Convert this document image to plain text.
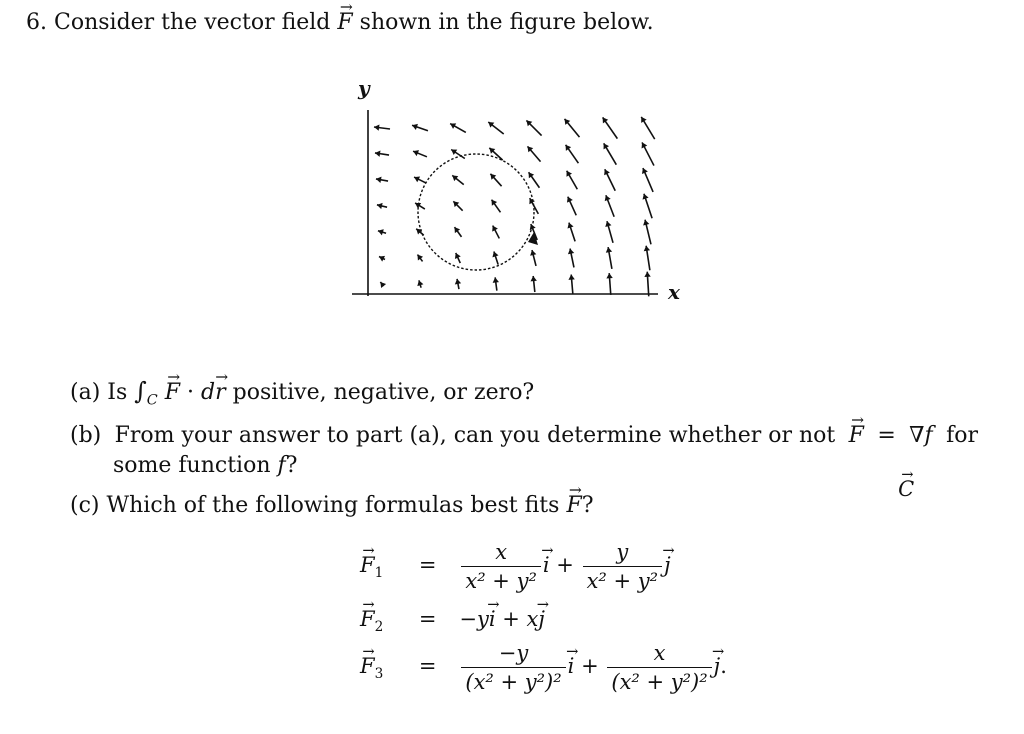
6. Consider the vector field → F shown in the figure below.

y
x
→ C
(a) Is $\int_C \to F \cdot d\to r$ positive, negative, or zero?
(b) From your answer to part (a), can you determine whether or not
→ F = ∇f for
some function f?
(c) Which of the following formulas best fits → F?
→ $F_1 = \frac{x}{\text{x² + y²}}$
→ $i + \frac{y}{\text{x² + y²}}$
→ j
→ $F_2 = -y\to i + x\to j$
→ $F_3 = \frac{-y}{\text{(x² + y²)²}}$
→ $i + \frac{x}{\text{(x² + y²)²}}$
→ j.
